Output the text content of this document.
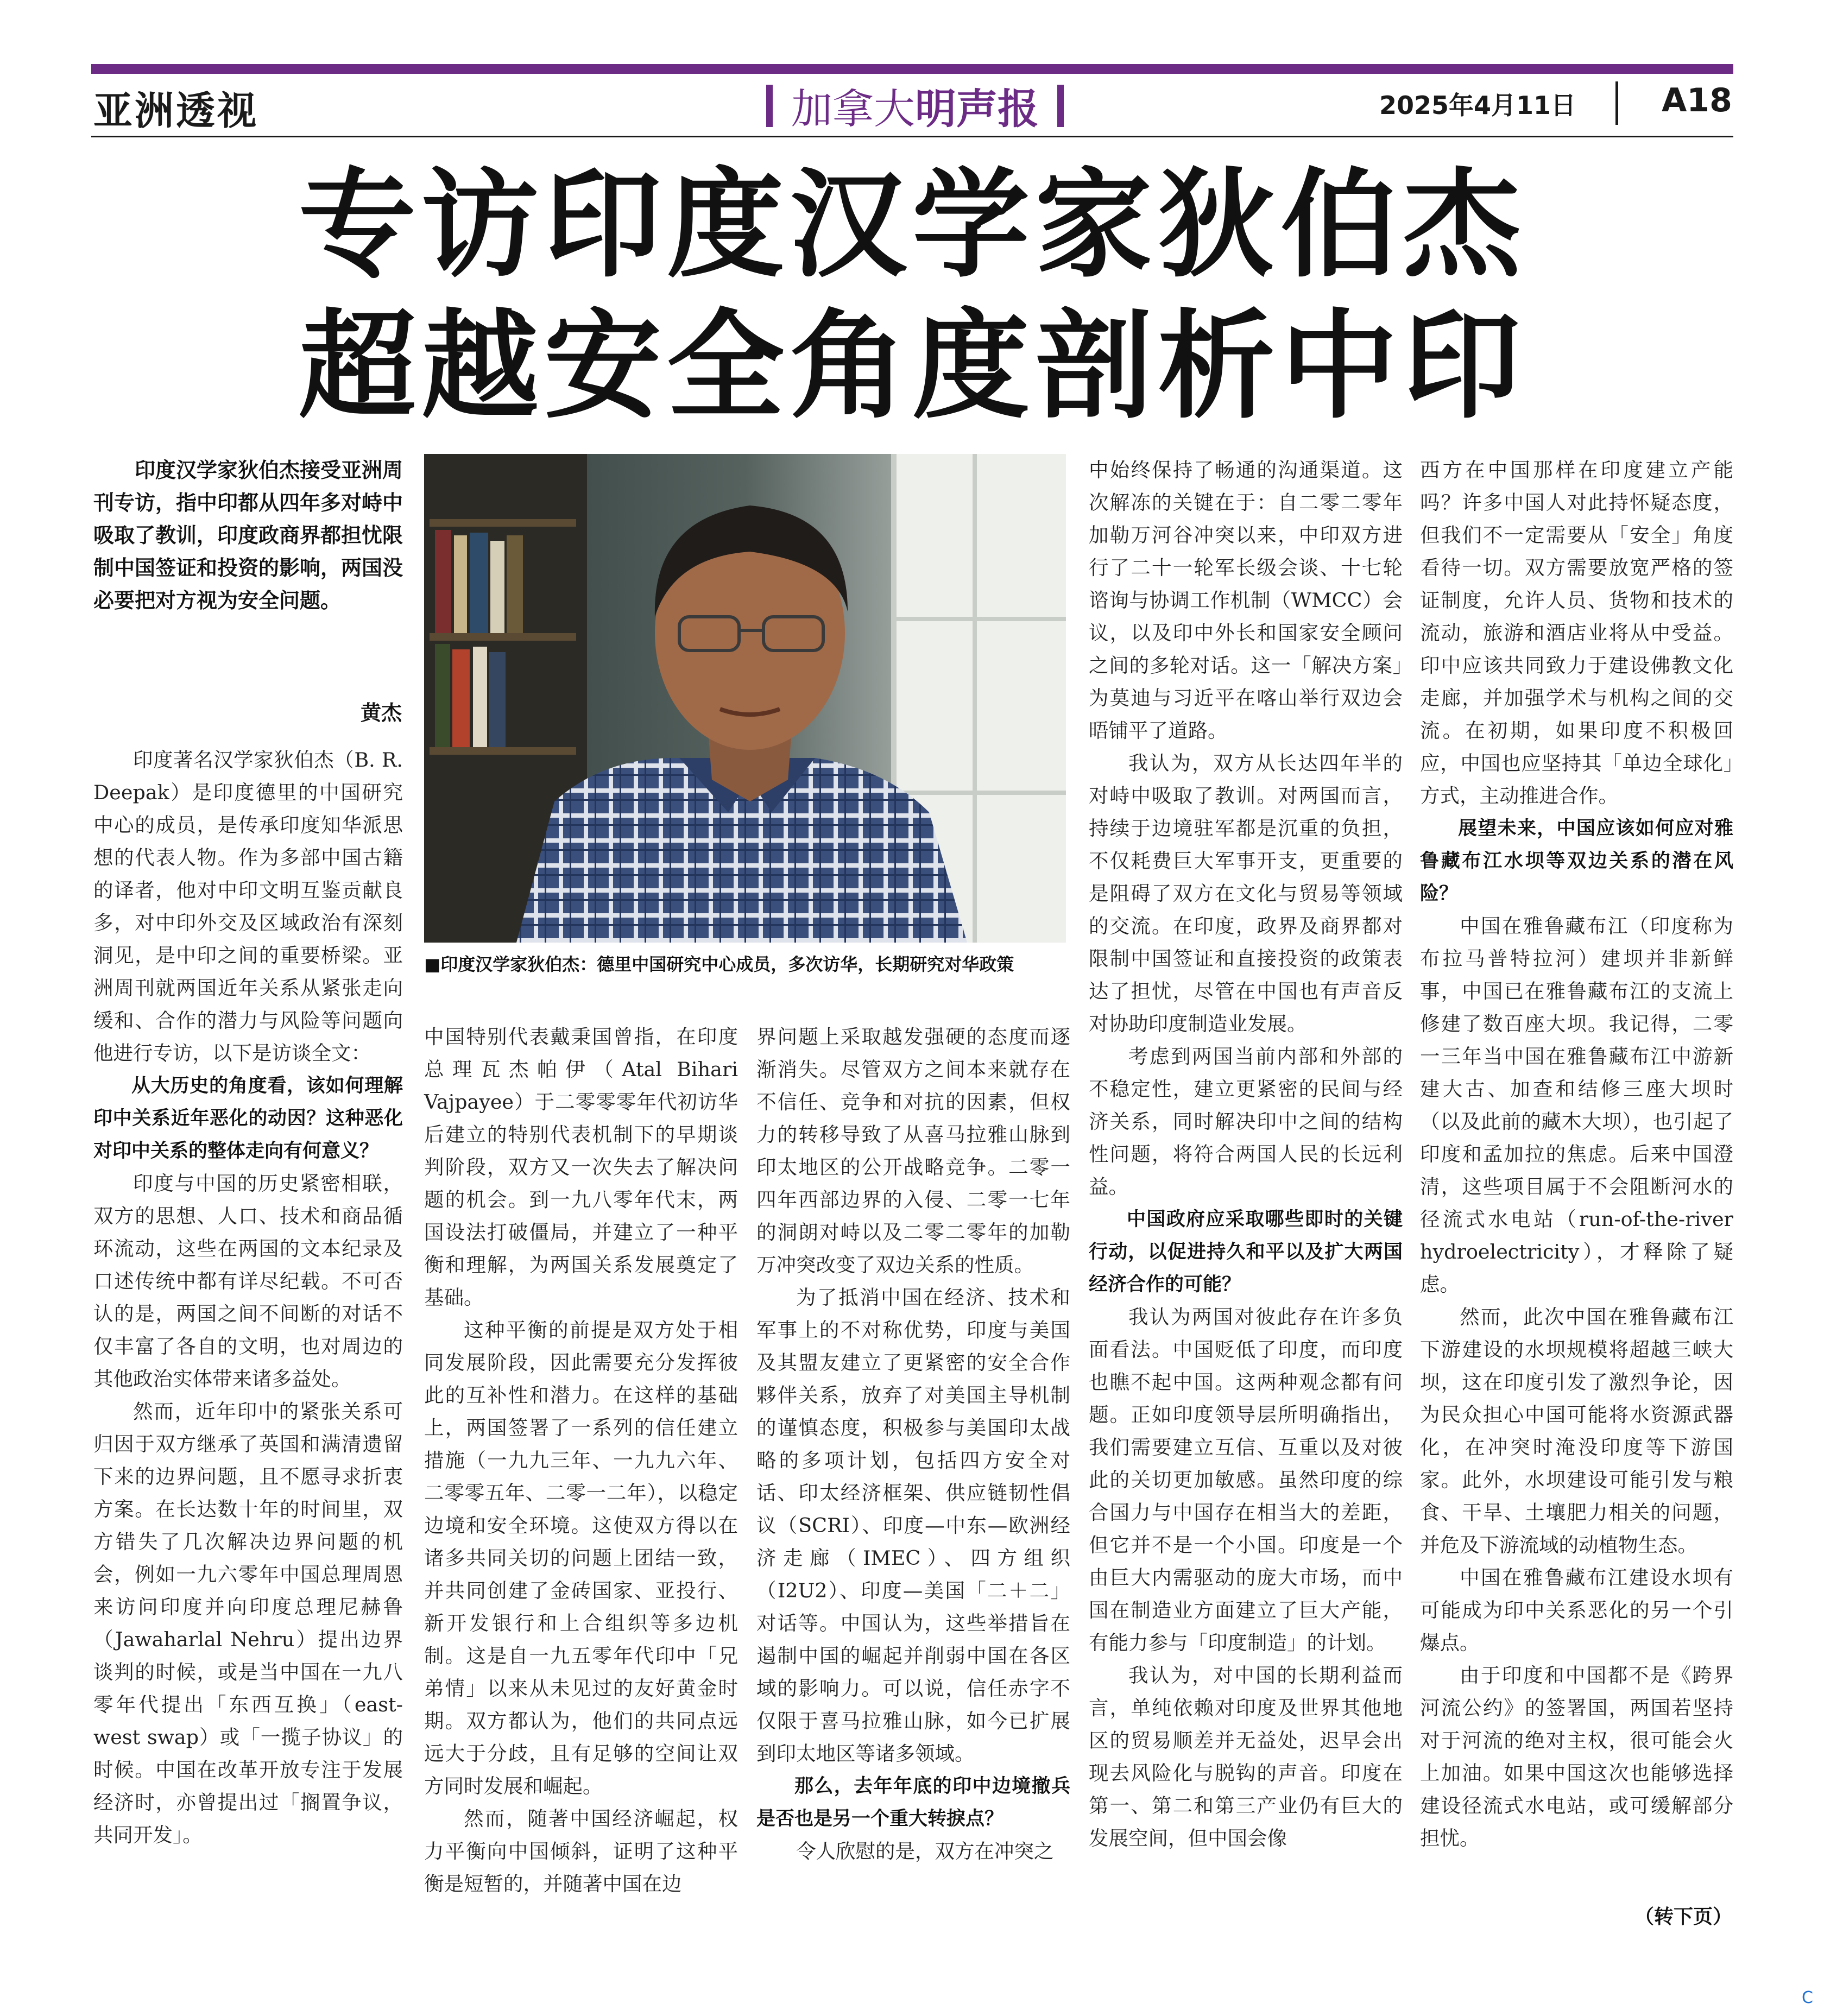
亚洲透视	加拿大明声报	2025年4月11日	A18
专访印度汉学家狄伯杰
超越安全角度剖析中印

印度汉学家狄伯杰接受亚洲周刊专访，指中印都从四年多对峙中吸取了教训，印度政商界都担忧限制中国签证和投资的影响，两国没必要把对方视为安全问题。

黄杰
■印度汉学家狄伯杰：德里中国研究中心成员，多次访华，长期研究对华政策

印度著名汉学家狄伯杰（B. R. Deepak）是印度德里的中国研究中心的成员，是传承印度知华派思想的代表人物。作为多部中国古籍的译者，他对中印文明互鉴贡献良多，对中印外交及区域政治有深刻洞见，是中印之间的重要桥梁。亚洲周刊就两国近年关系从紧张走向缓和、合作的潜力与风险等问题向他进行专访，以下是访谈全文：

从大历史的角度看，该如何理解印中关系近年恶化的动因？这种恶化对印中关系的整体走向有何意义？

印度与中国的历史紧密相联，双方的思想、人口、技术和商品循环流动，这些在两国的文本纪录及口述传统中都有详尽纪载。不可否认的是，两国之间不间断的对话不仅丰富了各自的文明，也对周边的其他政治实体带来诸多益处。

然而，近年印中的紧张关系可归因于双方继承了英国和满清遗留下来的边界问题，且不愿寻求折衷方案。在长达数十年的时间里，双方错失了几次解决边界问题的机会，例如一九六零年中国总理周恩来访问印度并向印度总理尼赫鲁（Jawaharlal Nehru）提出边界谈判的时候，或是当中国在一九八零年代提出「东西互换」（east-west swap）或「一揽子协议」的时候。中国在改革开放专注于发展经济时，亦曾提出过「搁置争议，共同开发」。

中国特别代表戴秉国曾指，在印度总理瓦杰帕伊（Atal Bihari Vajpayee）于二零零零年代初访华后建立的特别代表机制下的早期谈判阶段，双方又一次失去了解决问题的机会。到一九八零年代末，两国设法打破僵局，并建立了一种平衡和理解，为两国关系发展奠定了基础。

这种平衡的前提是双方处于相同发展阶段，因此需要充分发挥彼此的互补性和潜力。在这样的基础上，两国签署了一系列的信任建立措施（一九九三年、一九九六年、二零零五年、二零一二年），以稳定边境和安全环境。这使双方得以在诸多共同关切的问题上团结一致，并共同创建了金砖国家、亚投行、新开发银行和上合组织等多边机制。这是自一九五零年代印中「兄弟情」以来从未见过的友好黄金时期。双方都认为，他们的共同点远远大于分歧，且有足够的空间让双方同时发展和崛起。

然而，随著中国经济崛起，权力平衡向中国倾斜，证明了这种平衡是短暂的，并随著中国在边

界问题上采取越发强硬的态度而逐渐消失。尽管双方之间本来就存在不信任、竞争和对抗的因素，但权力的转移导致了从喜马拉雅山脉到印太地区的公开战略竞争。二零一四年西部边界的入侵、二零一七年的洞朗对峙以及二零二零年的加勒万冲突改变了双边关系的性质。

为了抵消中国在经济、技术和军事上的不对称优势，印度与美国及其盟友建立了更紧密的安全合作夥伴关系，放弃了对美国主导机制的谨慎态度，积极参与美国印太战略的多项计划，包括四方安全对话、印太经济框架、供应链韧性倡议（SCRI）、印度—中东—欧洲经济走廊（IMEC）、四方组织（I2U2）、印度—美国「二＋二」对话等。中国认为，这些举措旨在遏制中国的崛起并削弱中国在各区域的影响力。可以说，信任赤字不仅限于喜马拉雅山脉，如今已扩展到印太地区等诸多领域。

那么，去年年底的印中边境撤兵是否也是另一个重大转捩点？

令人欣慰的是，双方在冲突之

中始终保持了畅通的沟通渠道。这次解冻的关键在于：自二零二零年加勒万河谷冲突以来，中印双方进行了二十一轮军长级会谈、十七轮谘询与协调工作机制（WMCC）会议，以及印中外长和国家安全顾问之间的多轮对话。这一「解决方案」为莫迪与习近平在喀山举行双边会晤铺平了道路。

我认为，双方从长达四年半的对峙中吸取了教训。对两国而言，持续于边境驻军都是沉重的负担，不仅耗费巨大军事开支，更重要的是阻碍了双方在文化与贸易等领域的交流。在印度，政界及商界都对限制中国签证和直接投资的政策表达了担忧，尽管在中国也有声音反对协助印度制造业发展。

考虑到两国当前内部和外部的不稳定性，建立更紧密的民间与经济关系，同时解决印中之间的结构性问题，将符合两国人民的长远利益。

中国政府应采取哪些即时的关键行动，以促进持久和平以及扩大两国经济合作的可能？

我认为两国对彼此存在许多负面看法。中国贬低了印度，而印度也瞧不起中国。这两种观念都有问题。正如印度领导层所明确指出，我们需要建立互信、互重以及对彼此的关切更加敏感。虽然印度的综合国力与中国存在相当大的差距，但它并不是一个小国。印度是一个由巨大内需驱动的庞大市场，而中国在制造业方面建立了巨大产能，有能力参与「印度制造」的计划。

我认为，对中国的长期利益而言，单纯依赖对印度及世界其他地区的贸易顺差并无益处，迟早会出现去风险化与脱钩的声音。印度在第一、第二和第三产业仍有巨大的发展空间，但中国会像

西方在中国那样在印度建立产能吗？许多中国人对此持怀疑态度，但我们不一定需要从「安全」角度看待一切。双方需要放宽严格的签证制度，允许人员、货物和技术的流动，旅游和酒店业将从中受益。印中应该共同致力于建设佛教文化走廊，并加强学术与机构之间的交流。在初期，如果印度不积极回应，中国也应坚持其「单边全球化」方式，主动推进合作。

展望未来，中国应该如何应对雅鲁藏布江水坝等双边关系的潜在风险？

中国在雅鲁藏布江（印度称为布拉马普特拉河）建坝并非新鲜事，中国已在雅鲁藏布江的支流上修建了数百座大坝。我记得，二零一三年当中国在雅鲁藏布江中游新建大古、加查和结修三座大坝时（以及此前的藏木大坝），也引起了印度和孟加拉的焦虑。后来中国澄清，这些项目属于不会阻断河水的径流式水电站（run-of-the-river hydroelectricity），才释除了疑虑。

然而，此次中国在雅鲁藏布江下游建设的水坝规模将超越三峡大坝，这在印度引发了激烈争论，因为民众担心中国可能将水资源武器化，在冲突时淹没印度等下游国家。此外，水坝建设可能引发与粮食、干旱、土壤肥力相关的问题，并危及下游流域的动植物生态。

中国在雅鲁藏布江建设水坝有可能成为印中关系恶化的另一个引爆点。

由于印度和中国都不是《跨界河流公约》的签署国，两国若坚持对于河流的绝对主权，很可能会火上加油。如果中国这次也能够选择建设径流式水电站，或可缓解部分担忧。

（转下页）
C
